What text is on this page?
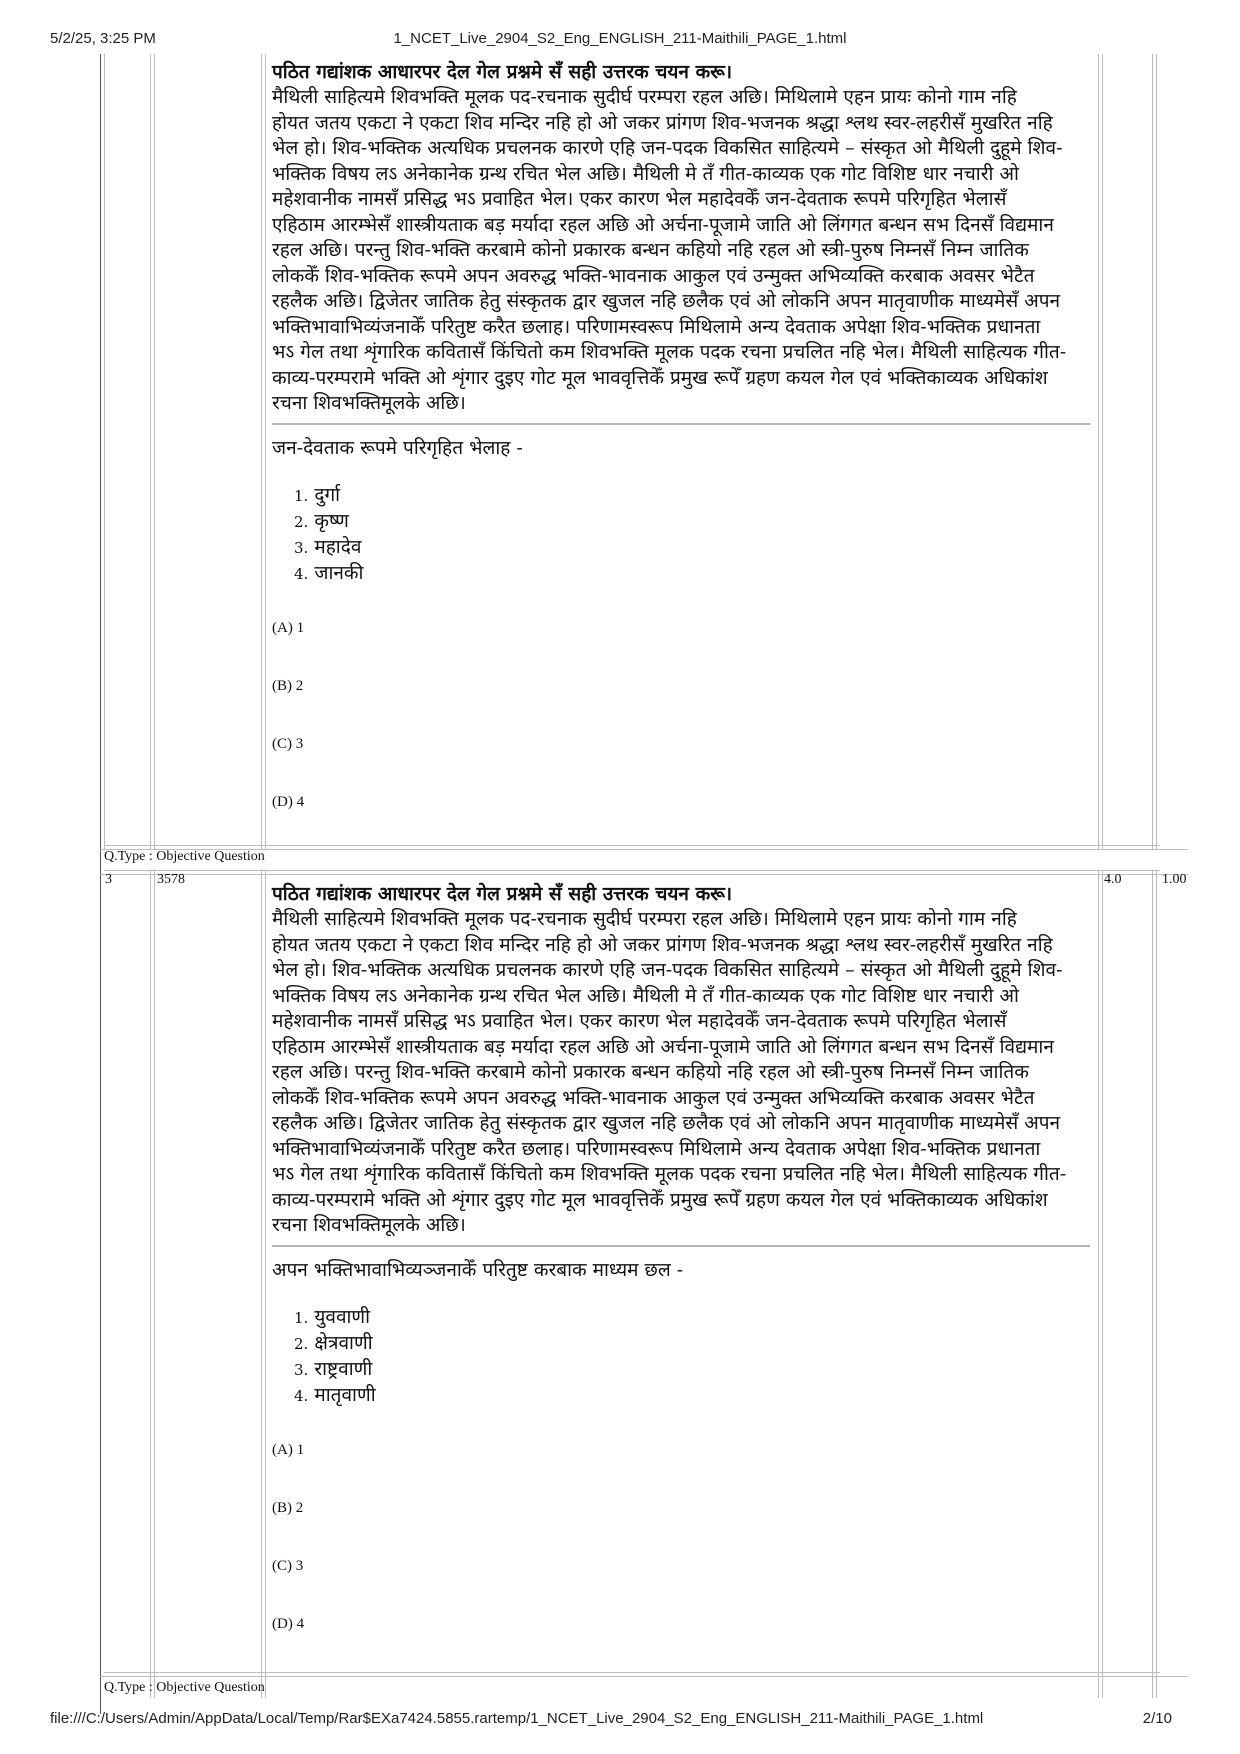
5/2/25, 3:25 PM	1_NCET_Live_2904_S2_Eng_ENGLISH_211-Maithili_PAGE_1.html

पठित गद्यांशक आधारपर देल गेल प्रश्नमे सँ सही उत्तरक चयन करू।

मैथिली साहित्यमे शिवभक्ति मूलक पद-रचनाक सुदीर्घ परम्परा रहल अछि। मिथिलामे एहन प्रायः कोनो गाम नहि

होयत जतय एकटा ने एकटा शिव मन्दिर नहि हो ओ जकर प्रांगण शिव-भजनक श्रद्धा श्लथ स्वर-लहरीसँ मुखरित नहि

भेल हो। शिव-भक्तिक अत्यधिक प्रचलनक कारणे एहि जन-पदक विकसित साहित्यमे – संस्कृत ओ मैथिली दुहूमे शिव-

भक्तिक विषय लऽ अनेकानेक ग्रन्थ रचित भेल अछि। मैथिली मे तँ गीत-काव्यक एक गोट विशिष्ट धार नचारी ओ

महेशवानीक नामसँ प्रसिद्ध भऽ प्रवाहित भेल। एकर कारण भेल महादेवकेँ जन-देवताक रूपमे परिगृहित भेलासँ

एहिठाम आरम्भेसँ शास्त्रीयताक बड़ मर्यादा रहल अछि ओ अर्चना-पूजामे जाति ओ लिंगगत बन्धन सभ दिनसँ विद्यमान

रहल अछि। परन्तु शिव-भक्ति करबामे कोनो प्रकारक बन्धन कहियो नहि रहल ओ स्त्री-पुरुष निम्नसँ निम्न जातिक

लोककेँ शिव-भक्तिक रूपमे अपन अवरुद्ध भक्ति-भावनाक आकुल एवं उन्मुक्त अभिव्यक्ति करबाक अवसर भेटैत

रहलैक अछि। द्विजेतर जातिक हेतु संस्कृतक द्वार खुजल नहि छलैक एवं ओ लोकनि अपन मातृवाणीक माध्यमेसँ अपन

भक्तिभावाभिव्यंजनाकेँ परितुष्ट करैत छलाह। परिणामस्वरूप मिथिलामे अन्य देवताक अपेक्षा शिव-भक्तिक प्रधानता

भऽ गेल तथा शृंगारिक कवितासँ किंचितो कम शिवभक्ति मूलक पदक रचना प्रचलित नहि भेल। मैथिली साहित्यक गीत-

काव्य-परम्परामे भक्ति ओ शृंगार दुइए गोट मूल भाववृत्तिकेँ प्रमुख रूपेँ ग्रहण कयल गेल एवं भक्तिकाव्यक अधिकांश

रचना शिवभक्तिमूलके अछि।

जन-देवताक रूपमे परिगृहित भेलाह -

1. दुर्गा
2. कृष्ण
3. महादेव
4. जानकी
(A) 1
(B) 2
(C) 3
(D) 4
Q.Type : Objective Question
3	3578	4.0	1.00

पठित गद्यांशक आधारपर देल गेल प्रश्नमे सँ सही उत्तरक चयन करू।

मैथिली साहित्यमे शिवभक्ति मूलक पद-रचनाक सुदीर्घ परम्परा रहल अछि। मिथिलामे एहन प्रायः कोनो गाम नहि

होयत जतय एकटा ने एकटा शिव मन्दिर नहि हो ओ जकर प्रांगण शिव-भजनक श्रद्धा श्लथ स्वर-लहरीसँ मुखरित नहि

भेल हो। शिव-भक्तिक अत्यधिक प्रचलनक कारणे एहि जन-पदक विकसित साहित्यमे – संस्कृत ओ मैथिली दुहूमे शिव-

भक्तिक विषय लऽ अनेकानेक ग्रन्थ रचित भेल अछि। मैथिली मे तँ गीत-काव्यक एक गोट विशिष्ट धार नचारी ओ

महेशवानीक नामसँ प्रसिद्ध भऽ प्रवाहित भेल। एकर कारण भेल महादेवकेँ जन-देवताक रूपमे परिगृहित भेलासँ

एहिठाम आरम्भेसँ शास्त्रीयताक बड़ मर्यादा रहल अछि ओ अर्चना-पूजामे जाति ओ लिंगगत बन्धन सभ दिनसँ विद्यमान

रहल अछि। परन्तु शिव-भक्ति करबामे कोनो प्रकारक बन्धन कहियो नहि रहल ओ स्त्री-पुरुष निम्नसँ निम्न जातिक

लोककेँ शिव-भक्तिक रूपमे अपन अवरुद्ध भक्ति-भावनाक आकुल एवं उन्मुक्त अभिव्यक्ति करबाक अवसर भेटैत

रहलैक अछि। द्विजेतर जातिक हेतु संस्कृतक द्वार खुजल नहि छलैक एवं ओ लोकनि अपन मातृवाणीक माध्यमेसँ अपन

भक्तिभावाभिव्यंजनाकेँ परितुष्ट करैत छलाह। परिणामस्वरूप मिथिलामे अन्य देवताक अपेक्षा शिव-भक्तिक प्रधानता

भऽ गेल तथा शृंगारिक कवितासँ किंचितो कम शिवभक्ति मूलक पदक रचना प्रचलित नहि भेल। मैथिली साहित्यक गीत-

काव्य-परम्परामे भक्ति ओ शृंगार दुइए गोट मूल भाववृत्तिकेँ प्रमुख रूपेँ ग्रहण कयल गेल एवं भक्तिकाव्यक अधिकांश

रचना शिवभक्तिमूलके अछि।

अपन भक्तिभावाभिव्यञ्जनाकेँ परितुष्ट करबाक माध्यम छल -

1. युववाणी
2. क्षेत्रवाणी
3. राष्ट्रवाणी
4. मातृवाणी
(A) 1
(B) 2
(C) 3
(D) 4
Q.Type : Objective Question
file:///C:/Users/Admin/AppData/Local/Temp/Rar$EXa7424.5855.rartemp/1_NCET_Live_2904_S2_Eng_ENGLISH_211-Maithili_PAGE_1.html	2/10
